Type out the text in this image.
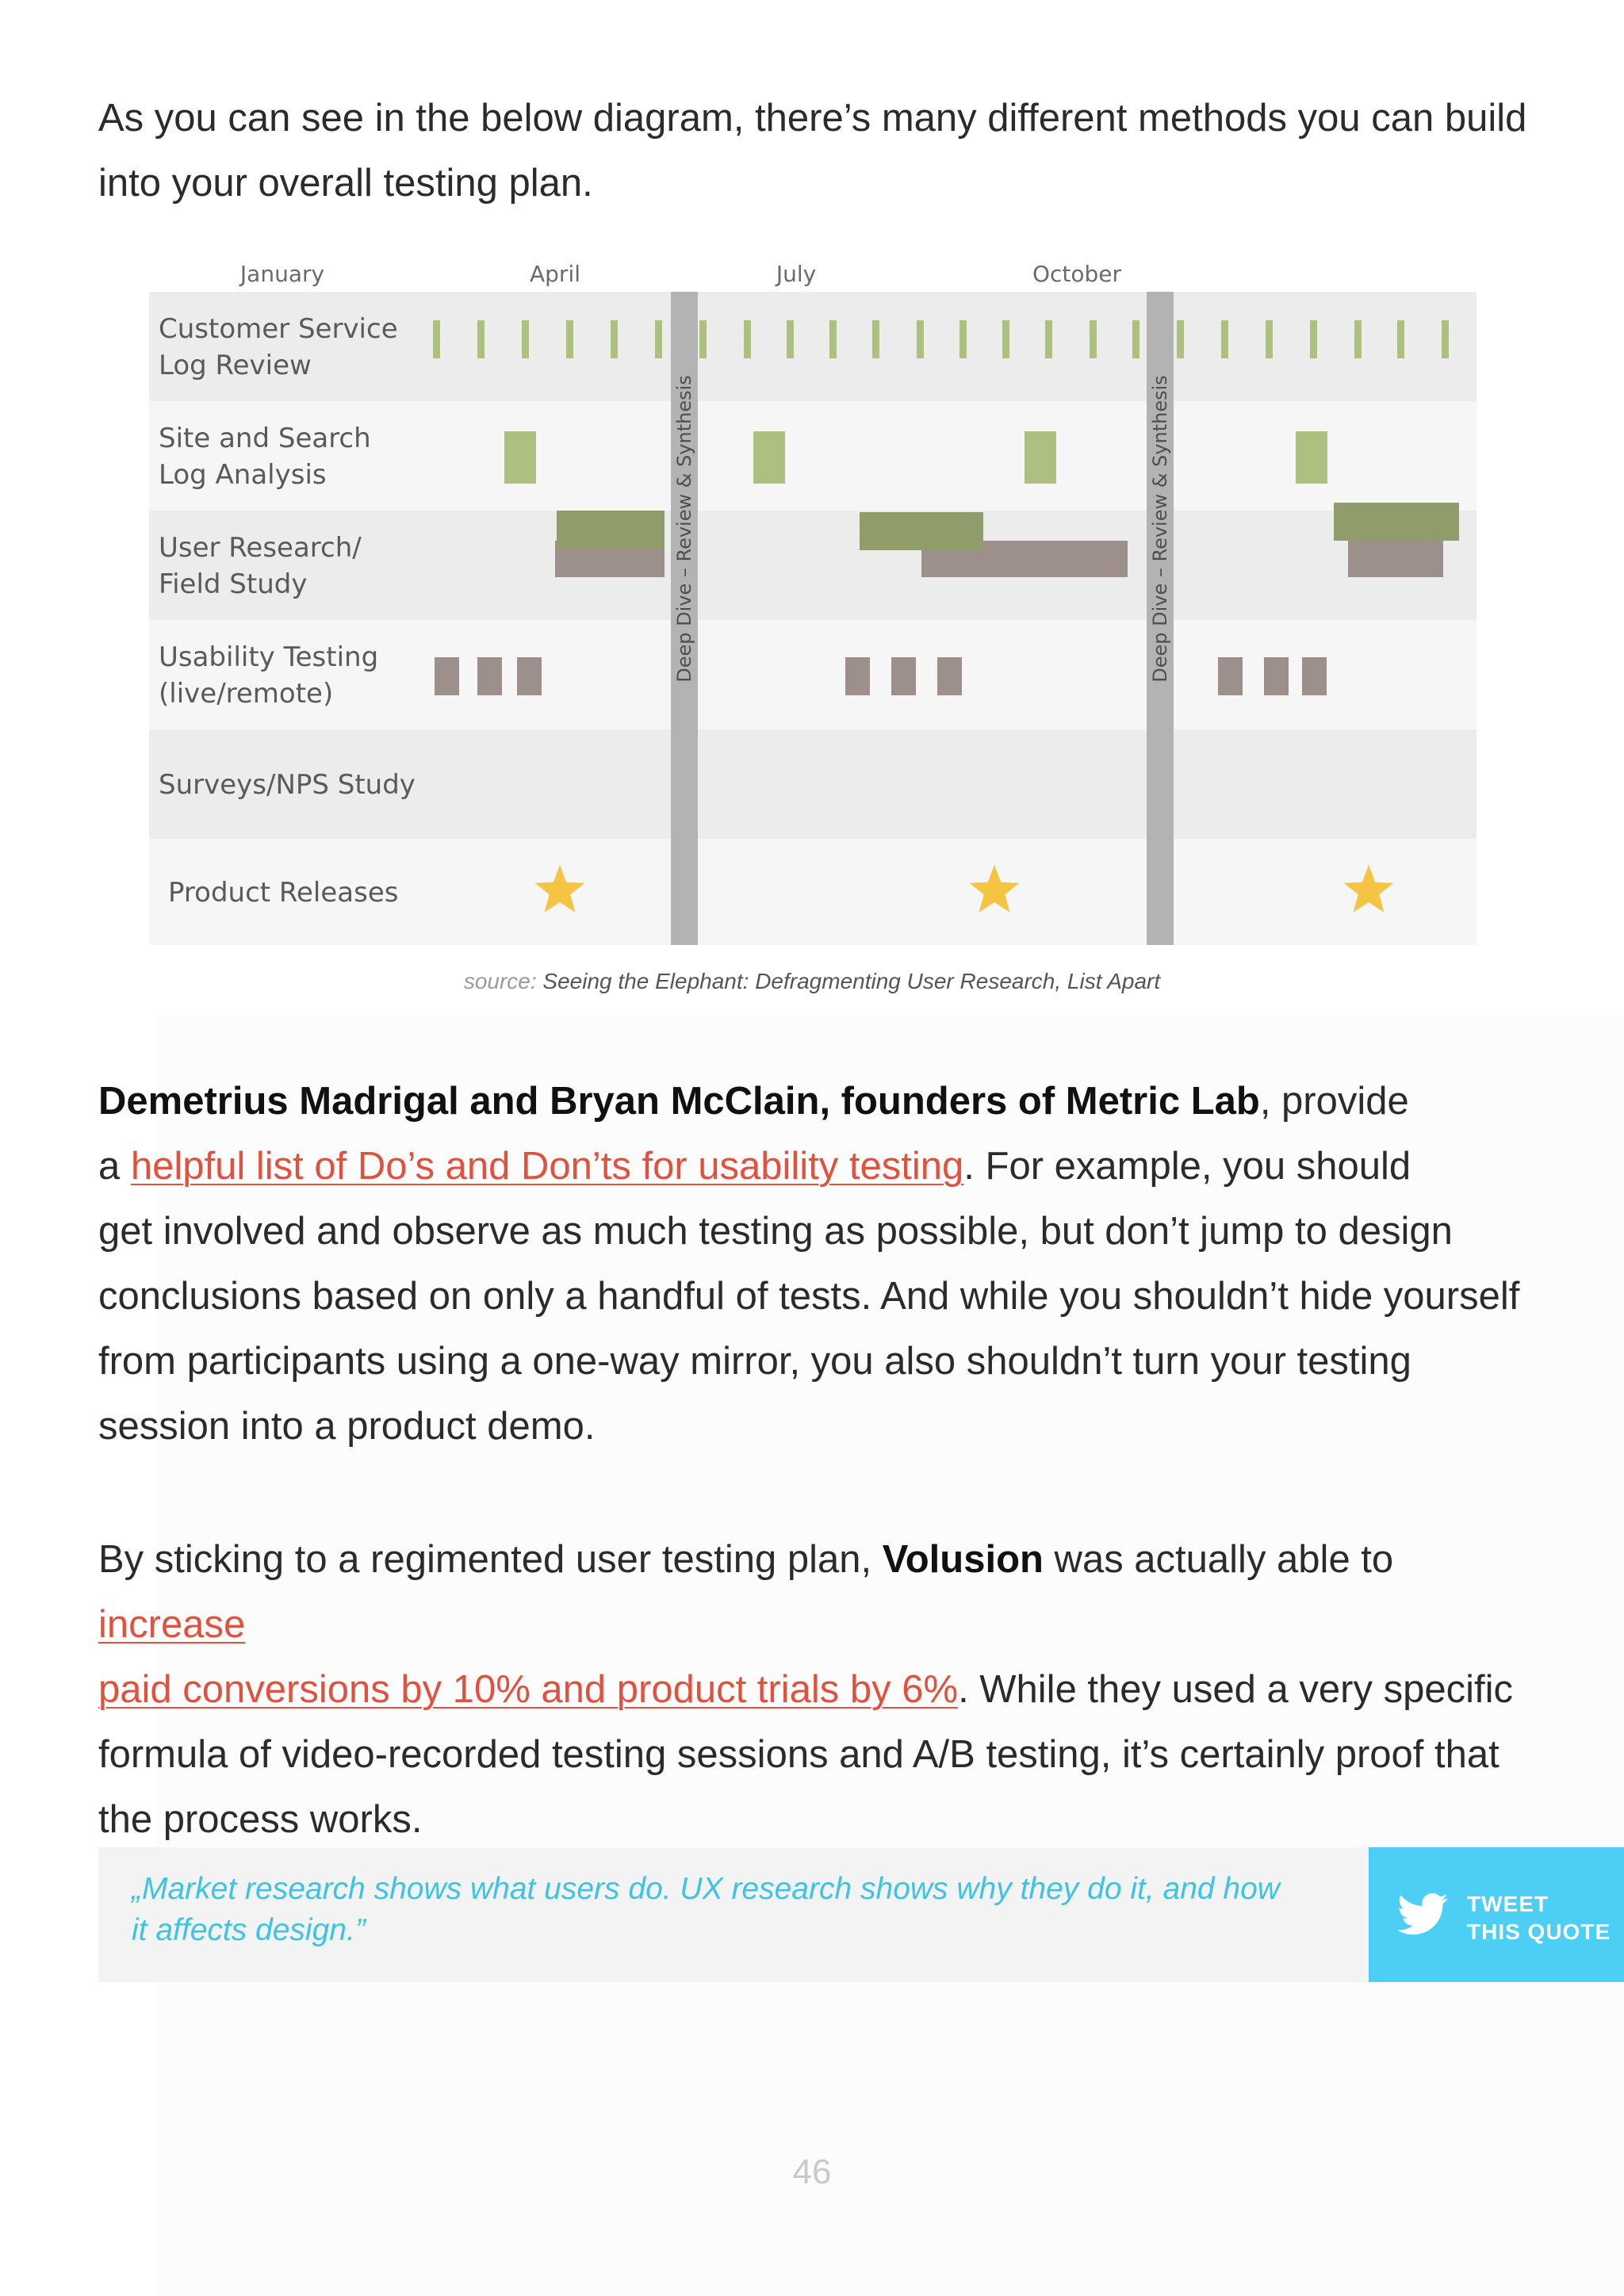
As you can see in the below diagram, there’s many different methods you can build
into your overall testing plan.

January	April	July	October
Customer Service
Log Review
Site and Search
Log Analysis
User Research/
Field Study
Usability Testing
(live/remote)
Surveys/NPS Study
Product Releases
Deep Dive – Review & Synthesis	Deep Dive – Review & Synthesis
source: Seeing the Elephant: Defragmenting User Research, List Apart

Demetrius Madrigal and Bryan McClain, founders of Metric Lab, provide
a helpful list of Do’s and Don’ts for usability testing. For example, you should
get involved and observe as much testing as possible, but don’t jump to design
conclusions based on only a handful of tests. And while you shouldn’t hide yourself
from participants using a one-way mirror, you also shouldn’t turn your testing
session into a product demo.

By sticking to a regimented user testing plan, Volusion was actually able to increase
paid conversions by 10% and product trials by 6%. While they used a very specific
formula of video-recorded testing sessions and A/B testing, it’s certainly proof that
the process works.

„Market research shows what users do. UX research shows why they do it, and how
it affects design.”
TWEET
THIS QUOTE
46
